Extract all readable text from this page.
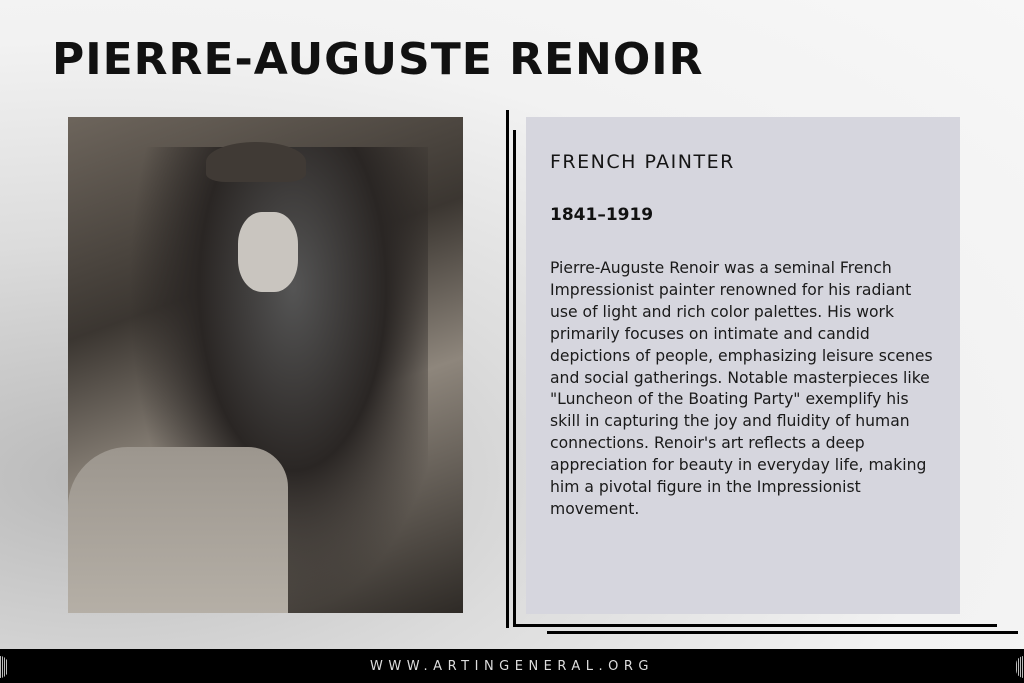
PIERRE-AUGUSTE RENOIR
FRENCH PAINTER
1841–1919
Pierre-Auguste Renoir was a seminal French Impressionist painter renowned for his radiant use of light and rich color palettes. His work primarily focuses on intimate and candid depictions of people, emphasizing leisure scenes and social gatherings. Notable masterpieces like "Luncheon of the Boating Party" exemplify his skill in capturing the joy and fluidity of human connections. Renoir's art reflects a deep appreciation for beauty in everyday life, making him a pivotal figure in the Impressionist movement.
WWW.ARTINGENERAL.ORG
